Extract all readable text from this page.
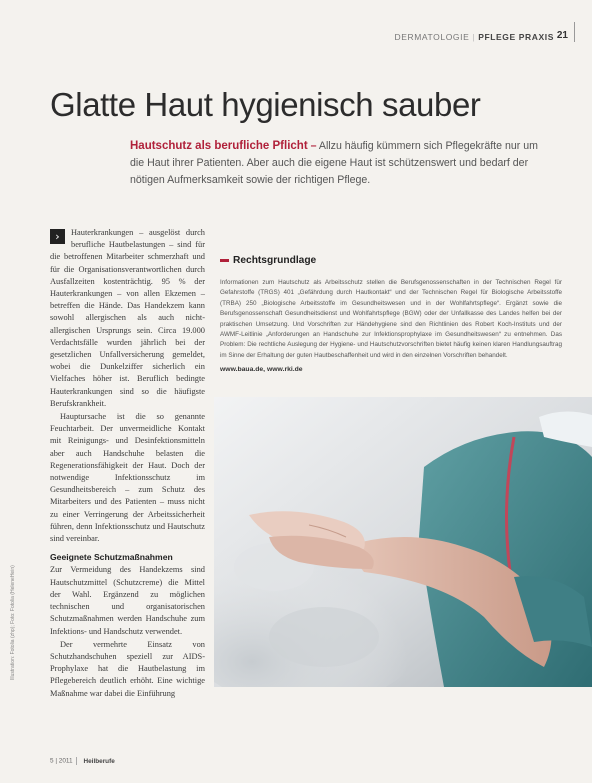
DERMATOLOGIE | PFLEGE PRAXIS 21
Glatte Haut hygienisch sauber
Hautschutz als berufliche Pflicht – Allzu häufig kümmern sich Pflegekräfte nur um die Haut ihrer Patienten. Aber auch die eigene Haut ist schützenswert und bedarf der nötigen Aufmerksamkeit sowie der richtigen Pflege.

›	Hauterkrankungen – ausgelöst durch berufliche Hautbelastungen – sind für die betroffenen Mitarbeiter schmerzhaft und für die Organisationsverantwortlichen durch Ausfallzeiten kostenträchtig. 95 % der Hauterkrankungen – von allen Ekzemen – betreffen die Hände. Das Handekzem kann sowohl allergischen als auch nicht-allergischen Ursprungs sein. Circa 19.000 Verdachtsfälle wurden jährlich bei der gesetzlichen Unfallversicherung gemeldet, wobei die Dunkelziffer sicherlich ein Vielfaches höher ist. Beruflich bedingte Hauterkrankungen sind so die häufigste Berufskrankheit.

Hauptursache ist die so genannte Feuchtarbeit. Der unvermeidliche Kontakt mit Reinigungs- und Desinfektionsmitteln aber auch Handschuhe belasten die Regenerationsfähigkeit der Haut. Doch der notwendige Infektionsschutz im Gesundheitsbereich – zum Schutz des Mitarbeiters und des Patienten – muss nicht zu einer Verringerung der Arbeitssicherheit führen, denn Infektionsschutz und Hautschutz sind vereinbar.

Geeignete Schutzmaßnahmen

Zur Vermeidung des Handekzems sind Hautschutzmittel (Schutzcreme) die Mittel der Wahl. Ergänzend zu möglichen technischen und organisatorischen Schutzmaßnahmen werden Handschuhe zum Infektions- und Handschutz verwendet.

Der vermehrte Einsatz von Schutzhandschuhen speziell zur AIDS-Prophylaxe hat die Hautbelastung im Pflegebereich deutlich erhöht. Eine wichtige Maßnahme war dabei die Einführung

Rechtsgrundlage
Informationen zum Hautschutz als Arbeitsschutz stellen die Berufsgenossenschaften in der Technischen Regel für Gefahrstoffe (TRGS) 401 „Gefährdung durch Hautkontakt“ und der Technischen Regel für Biologische Arbeitsstoffe (TRBA) 250 „Biologische Arbeitsstoffe im Gesundheitswesen und in der Wohlfahrtspflege“. Ergänzt sowie die Berufsgenossenschaft Gesundheitsdienst und Wohlfahrtspflege (BGW) oder der Unfallkasse des Landes helfen bei der praktischen Umsetzung. Und Vorschriften zur Händehygiene sind den Richtlinien des Robert Koch-Instituts und der AWMF-Leitlinie „Anforderungen an Handschuhe zur Infektionsprophylaxe im Gesundheitswesen“ zu entnehmen. Das Problem: Die rechtliche Auslegung der Hygiene- und Hautschutzvorschriften bietet häufig keinen klaren Handlungsauftrag im Sinne der Erhaltung der guten Hautbeschaffenheit und wird in den einzelnen Vorschriften behandelt.
www.baua.de, www.rki.de
Illustration: Fotolia (zhp); Foto: Fotolia (HeleneHein)
5 | 2011 Heilberufe
